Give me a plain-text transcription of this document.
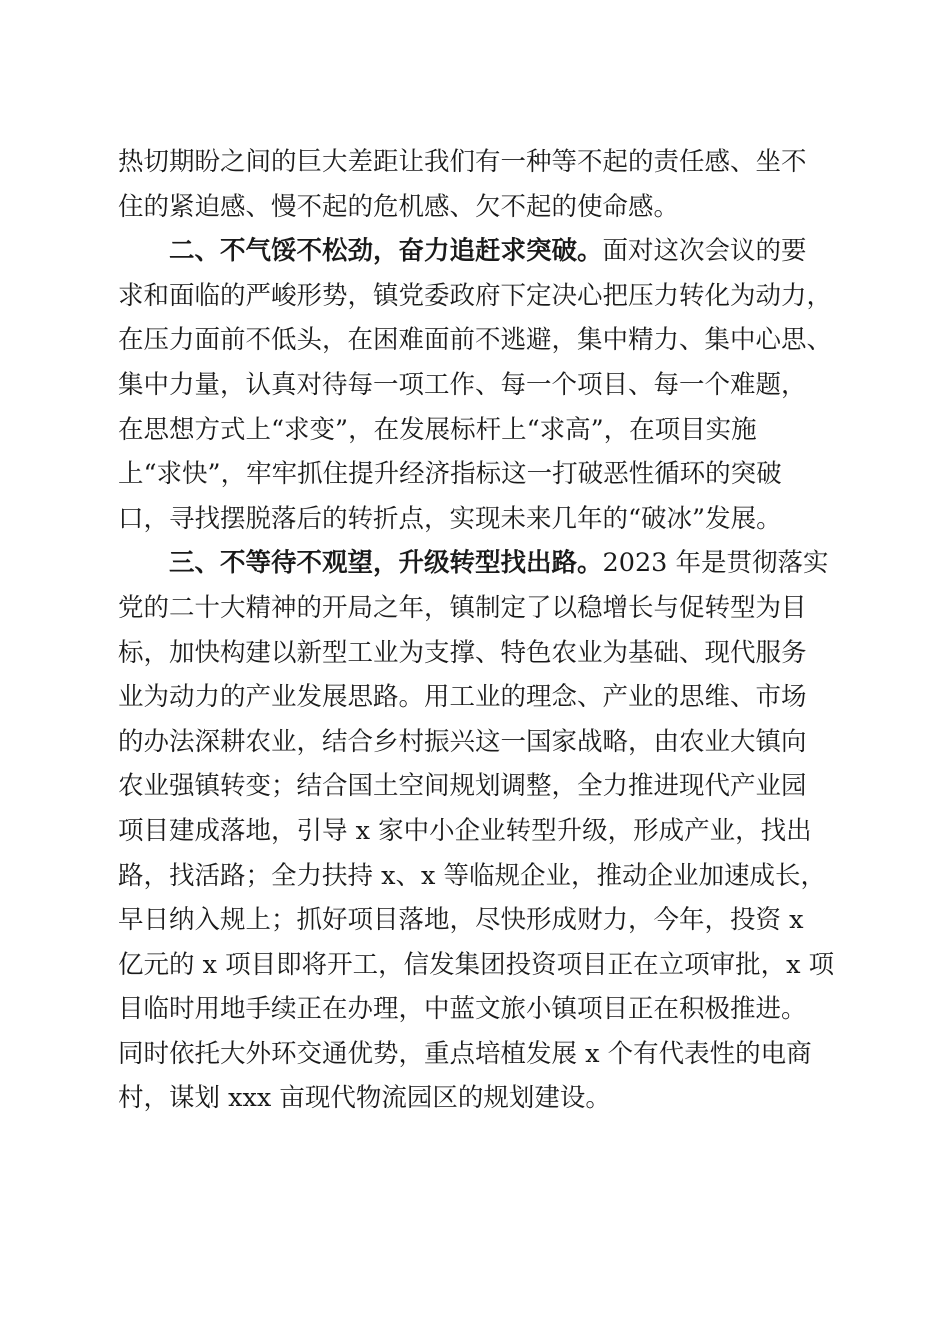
热切期盼之间的巨大差距让我们有一种等不起的责任感、坐不
住的紧迫感、慢不起的危机感、欠不起的使命感。
二、不气馁不松劲，奋力追赶求突破。面对这次会议的要
求和面临的严峻形势，镇党委政府下定决心把压力转化为动力，
在压力面前不低头，在困难面前不逃避，集中精力、集中心思、
集中力量，认真对待每一项工作、每一个项目、每一个难题，
在思想方式上“求变”，在发展标杆上“求高”，在项目实施
上“求快”，牢牢抓住提升经济指标这一打破恶性循环的突破
口，寻找摆脱落后的转折点，实现未来几年的“破冰”发展。
三、不等待不观望，升级转型找出路。2023 年是贯彻落实
党的二十大精神的开局之年，镇制定了以稳增长与促转型为目
标，加快构建以新型工业为支撑、特色农业为基础、现代服务
业为动力的产业发展思路。用工业的理念、产业的思维、市场
的办法深耕农业，结合乡村振兴这一国家战略，由农业大镇向
农业强镇转变；结合国土空间规划调整，全力推进现代产业园
项目建成落地，引导 x 家中小企业转型升级，形成产业，找出
路，找活路；全力扶持 x、x 等临规企业，推动企业加速成长，
早日纳入规上；抓好项目落地，尽快形成财力，今年，投资 x
亿元的 x 项目即将开工，信发集团投资项目正在立项审批，x 项
目临时用地手续正在办理，中蓝文旅小镇项目正在积极推进。
同时依托大外环交通优势，重点培植发展 x 个有代表性的电商
村，谋划 xxx 亩现代物流园区的规划建设。
